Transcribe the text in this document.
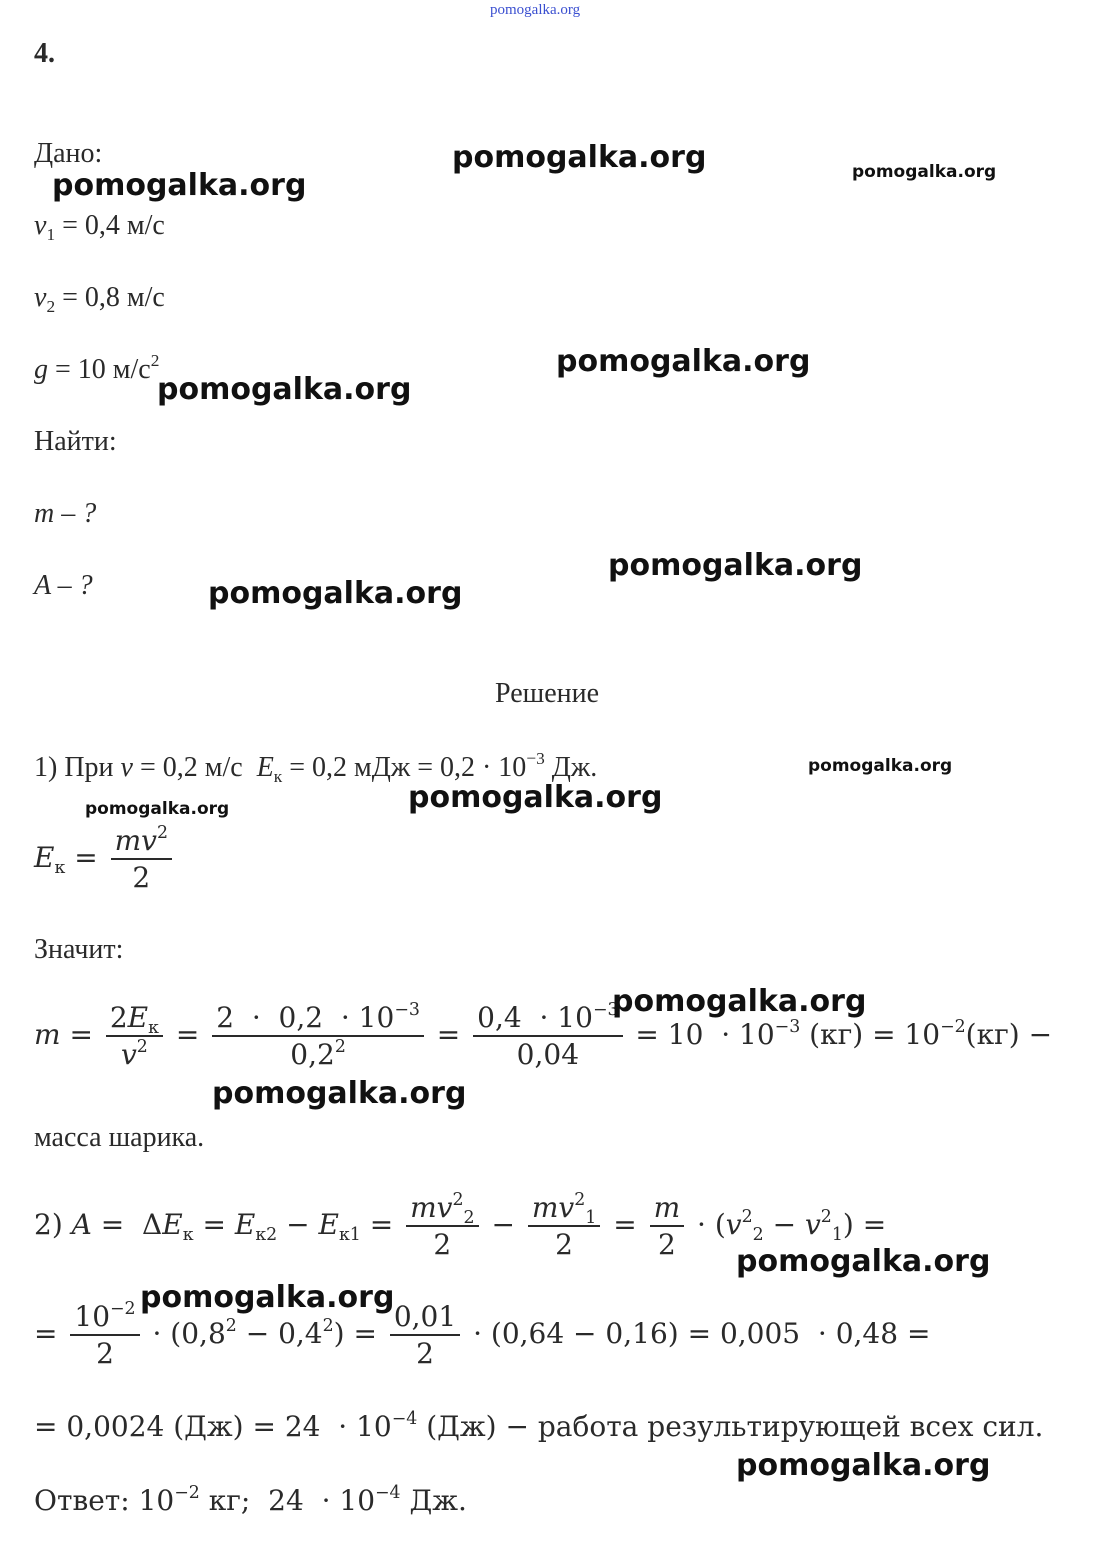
pomogalka.org
4.
Дано:
$v_1 = 0,4$ м/с
$v_2 = 0,8$ м/с
g = 10 $м/с^2$
Найти:
m – ?
A – ?
Решение
1) При v = 0,2 м/с $E_к = 0,2$ мДж = $0,2 \cdot 10^{-3}$ Дж.
$E_к = \frac{mv^2}{2}$
Значит:
$m = \frac{2E_к}{v^2} = \frac{2 \cdot 0,2 \cdot 10^{-3}}{0,2^2} = \frac{0,4 \cdot 10^{-3}}{0,04} = 10 \cdot 10^{-3}$ $(кг) = 10^{-2}(кг)$ −
масса шарика.
2) $A = \Delta E_к = E_{к2} - E_{к1} = \frac{mv^2_2}{2} - \frac{mv^2_1}{2} = \frac{m}{2} \cdot (v^2_2 - v^2_1)$ =
= $\frac{10^{-2}}{2} \cdot (0,8^2 - 0,4^2) = \frac{0,01}{2} \cdot (0,64 - 0,16) = 0,005 \cdot 0,48$ =
= 0,0024 $(Дж) = 24 \cdot 10^{-4}$ (Дж) − работа результирующей всех сил.
Ответ: $10^{-2}$ кг;  $24 \cdot 10^{-4}$ Дж.
pomogalka.org
pomogalka.org	pomogalka.org
pomogalka.org
pomogalka.org
pomogalka.org
pomogalka.org
pomogalka.org
pomogalka.org
pomogalka.org
pomogalka.org
pomogalka.org
pomogalka.org
pomogalka.org
pomogalka.org
